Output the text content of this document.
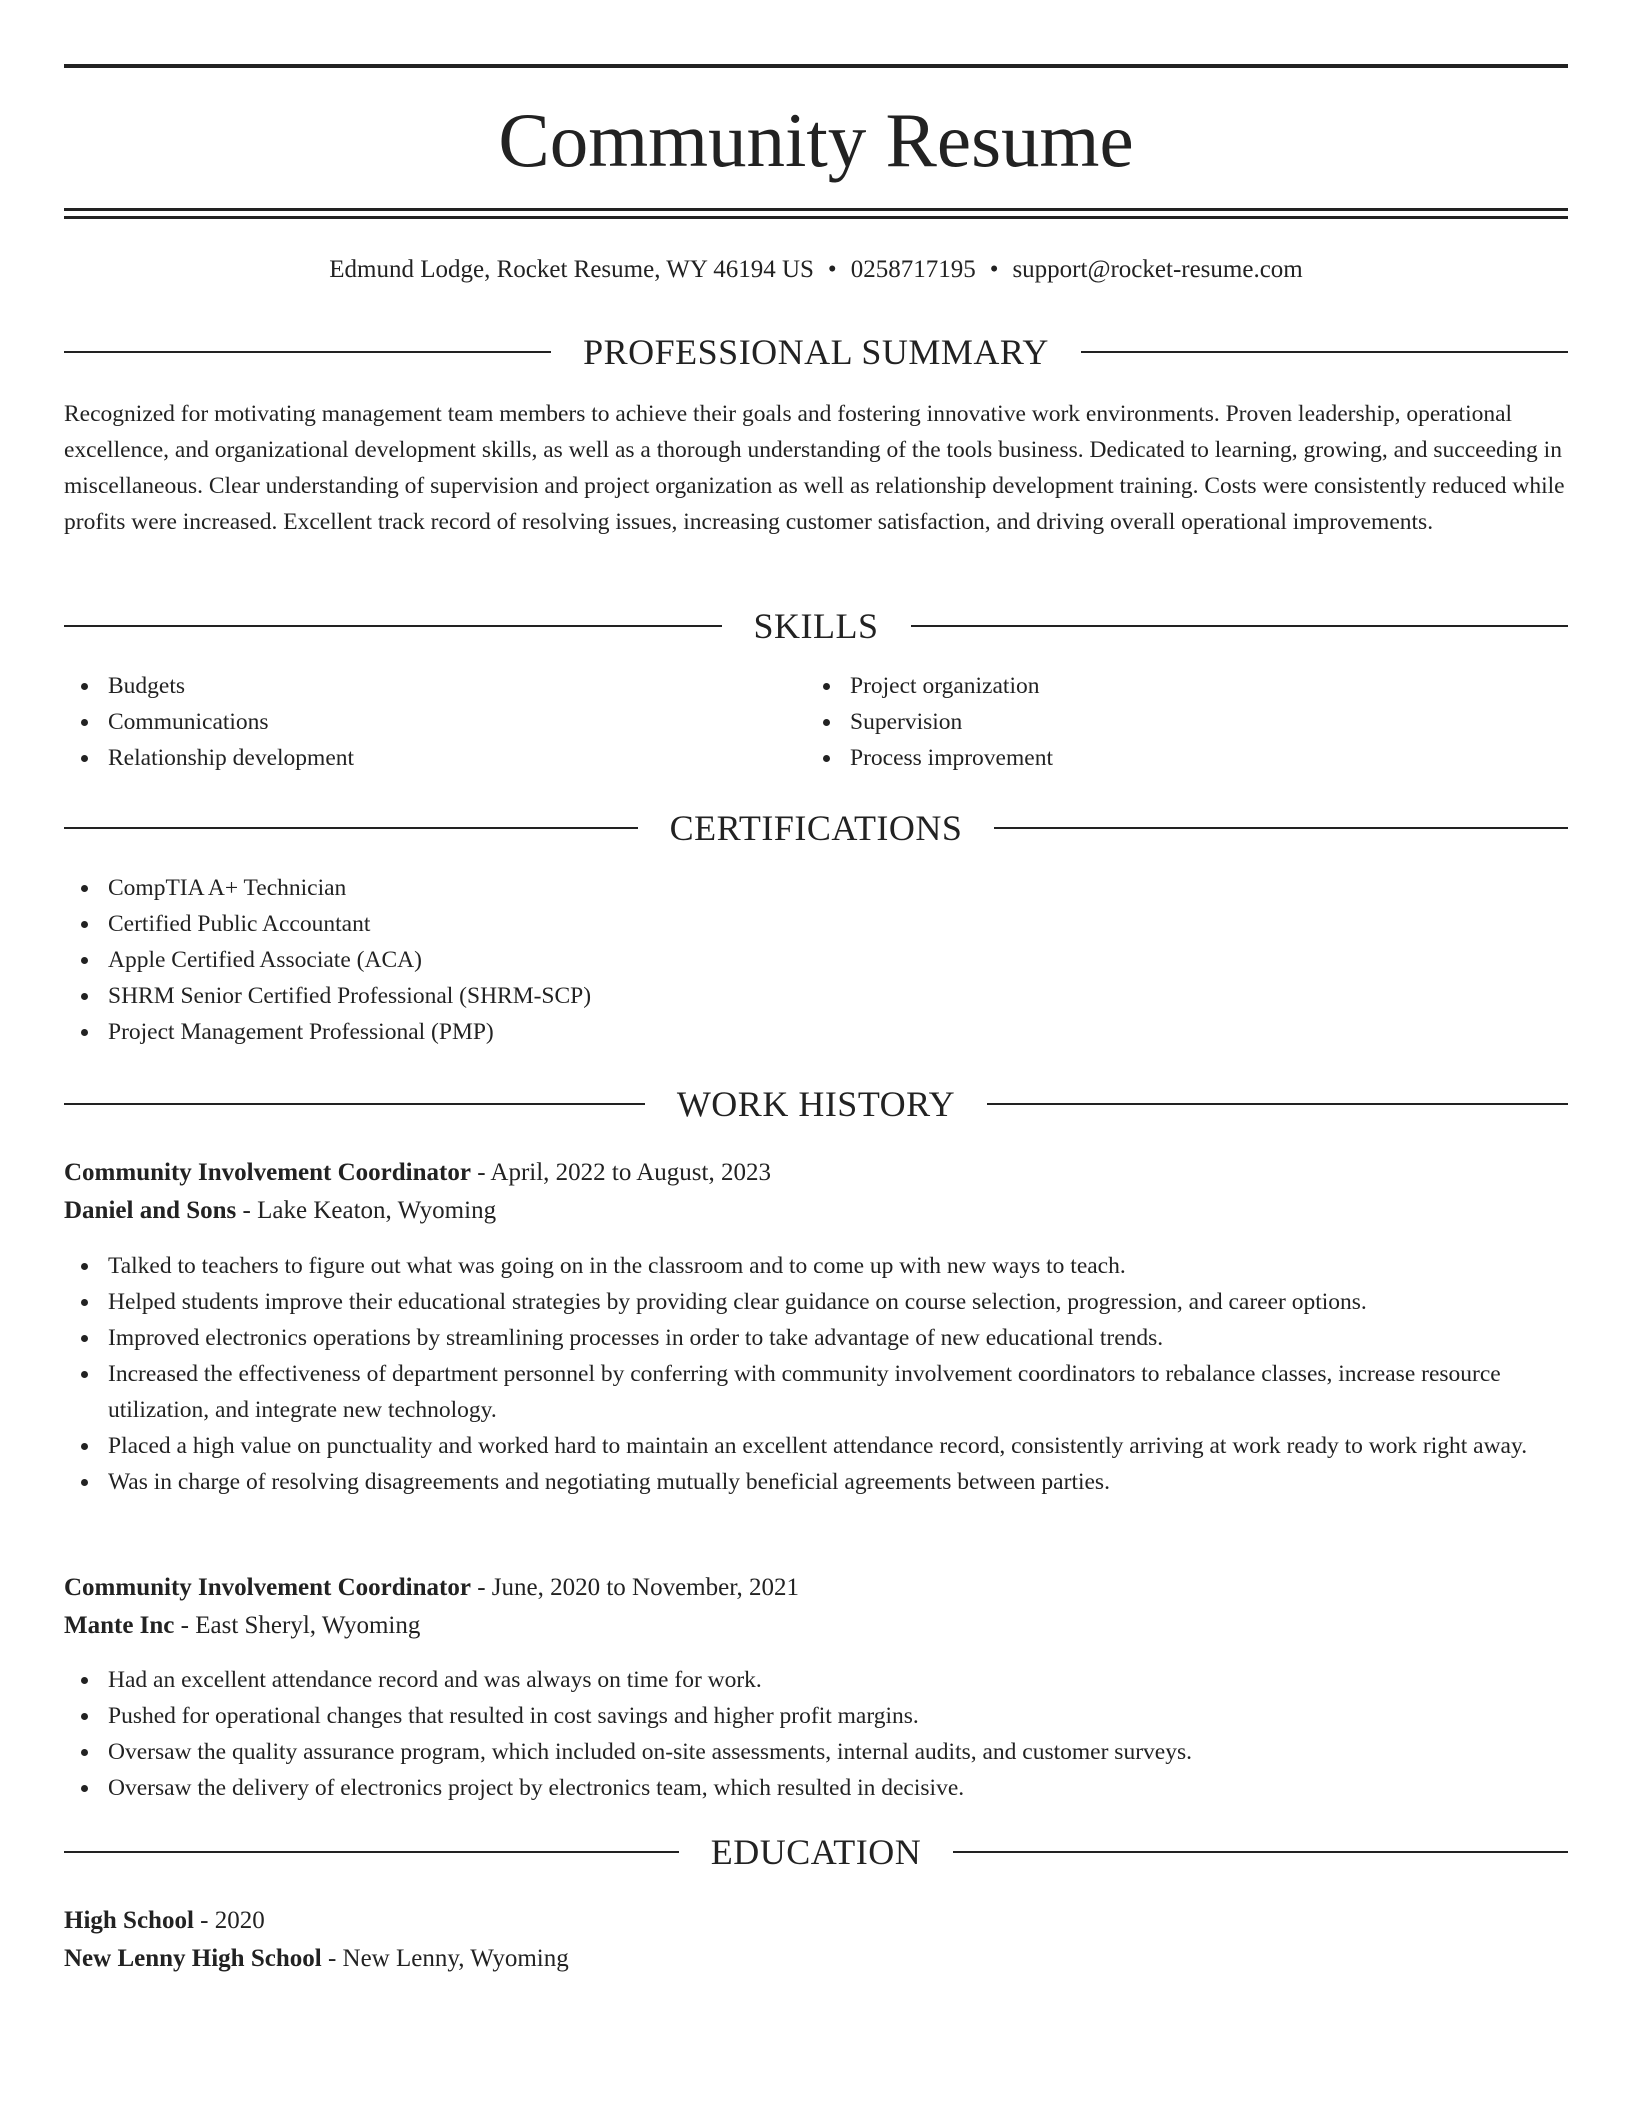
Community Resume
Edmund Lodge, Rocket Resume, WY 46194 US • 0258717195 • support@rocket-resume.com
PROFESSIONAL SUMMARY
Recognized for motivating management team members to achieve their goals and fostering innovative work environments. Proven leadership, operational excellence, and organizational development skills, as well as a thorough understanding of the tools business. Dedicated to learning, growing, and succeeding in miscellaneous. Clear understanding of supervision and project organization as well as relationship development training. Costs were consistently reduced while profits were increased. Excellent track record of resolving issues, increasing customer satisfaction, and driving overall operational improvements.
SKILLS
Budgets
Communications
Relationship development
Project organization
Supervision
Process improvement
CERTIFICATIONS
CompTIA A+ Technician
Certified Public Accountant
Apple Certified Associate (ACA)
SHRM Senior Certified Professional (SHRM-SCP)
Project Management Professional (PMP)
WORK HISTORY
Community Involvement Coordinator - April, 2022 to August, 2023
Daniel and Sons - Lake Keaton, Wyoming
Talked to teachers to figure out what was going on in the classroom and to come up with new ways to teach.
Helped students improve their educational strategies by providing clear guidance on course selection, progression, and career options.
Improved electronics operations by streamlining processes in order to take advantage of new educational trends.
Increased the effectiveness of department personnel by conferring with community involvement coordinators to rebalance classes, increase resource utilization, and integrate new technology.
Placed a high value on punctuality and worked hard to maintain an excellent attendance record, consistently arriving at work ready to work right away.
Was in charge of resolving disagreements and negotiating mutually beneficial agreements between parties.
Community Involvement Coordinator - June, 2020 to November, 2021
Mante Inc - East Sheryl, Wyoming
Had an excellent attendance record and was always on time for work.
Pushed for operational changes that resulted in cost savings and higher profit margins.
Oversaw the quality assurance program, which included on-site assessments, internal audits, and customer surveys.
Oversaw the delivery of electronics project by electronics team, which resulted in decisive.
EDUCATION
High School - 2020
New Lenny High School - New Lenny, Wyoming
